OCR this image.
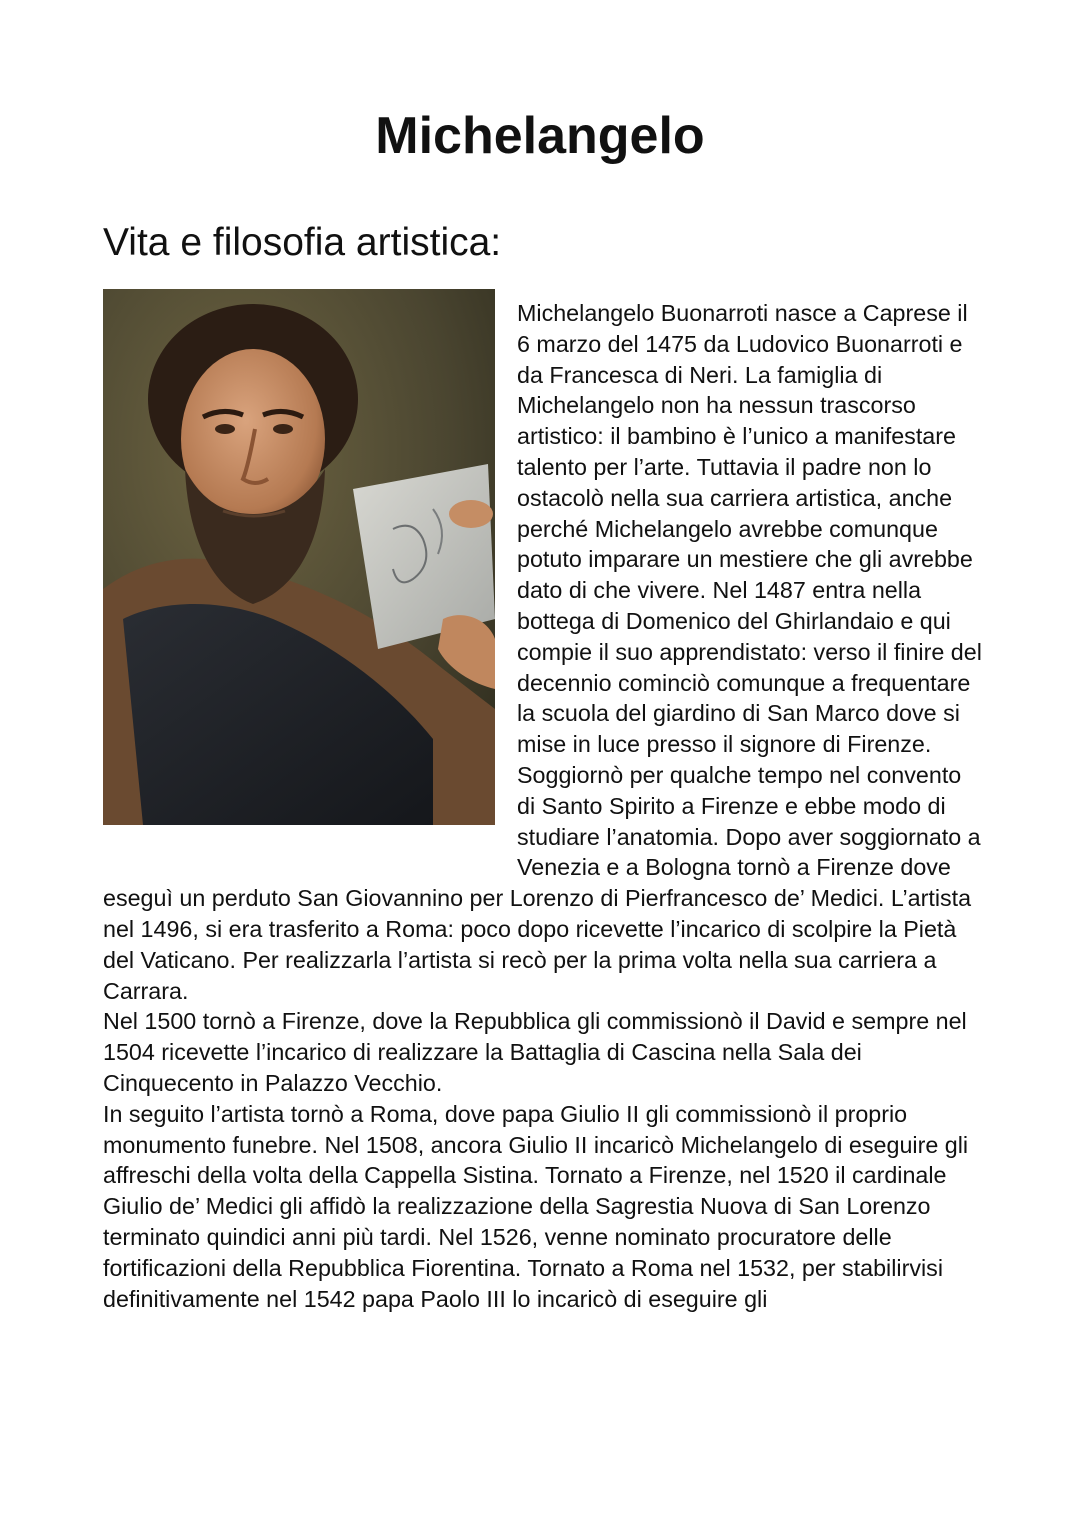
Michelangelo
Vita e filosofia artistica:
Michelangelo Buonarroti nasce a Caprese il 6 marzo del 1475 da Ludovico Buonarroti e da Francesca di Neri. La famiglia di Michelangelo non ha nessun trascorso artistico: il bambino è l’unico a manifestare talento per l’arte. Tuttavia il padre non lo ostacolò nella sua carriera artistica, anche perché Michelangelo avrebbe comunque potuto imparare un mestiere che gli avrebbe dato di che vivere. Nel 1487 entra nella bottega di Domenico del Ghirlandaio e qui compie il suo apprendistato: verso il finire del decennio cominciò comunque a frequentare la scuola del giardino di San Marco dove si mise in luce presso il signore di Firenze. Soggiornò per qualche tempo nel convento di Santo Spirito a Firenze e ebbe modo di studiare l’anatomia. Dopo aver soggiornato a Venezia e a Bologna tornò a Firenze dove eseguì un perduto San Giovannino per Lorenzo di Pierfrancesco de’ Medici. L’artista nel 1496, si era trasferito a Roma: poco dopo ricevette l’incarico di scolpire la Pietà del Vaticano. Per realizzarla l’artista si recò per la prima volta nella sua carriera a Carrara.
Nel 1500 tornò a Firenze, dove la Repubblica gli commissionò il David e sempre nel 1504 ricevette l’incarico di realizzare la Battaglia di Cascina nella Sala dei Cinquecento in Palazzo Vecchio.
In seguito l’artista tornò a Roma, dove papa Giulio II gli commissionò il proprio monumento funebre. Nel 1508, ancora Giulio II incaricò Michelangelo di eseguire gli affreschi della volta della Cappella Sistina. Tornato a Firenze, nel 1520 il cardinale Giulio de’ Medici gli affidò la realizzazione della Sagrestia Nuova di San Lorenzo terminato quindici anni più tardi. Nel 1526, venne nominato procuratore delle fortificazioni della Repubblica Fiorentina. Tornato a Roma nel 1532, per stabilirvisi definitivamente nel 1542 papa Paolo III lo incaricò di eseguire gli
